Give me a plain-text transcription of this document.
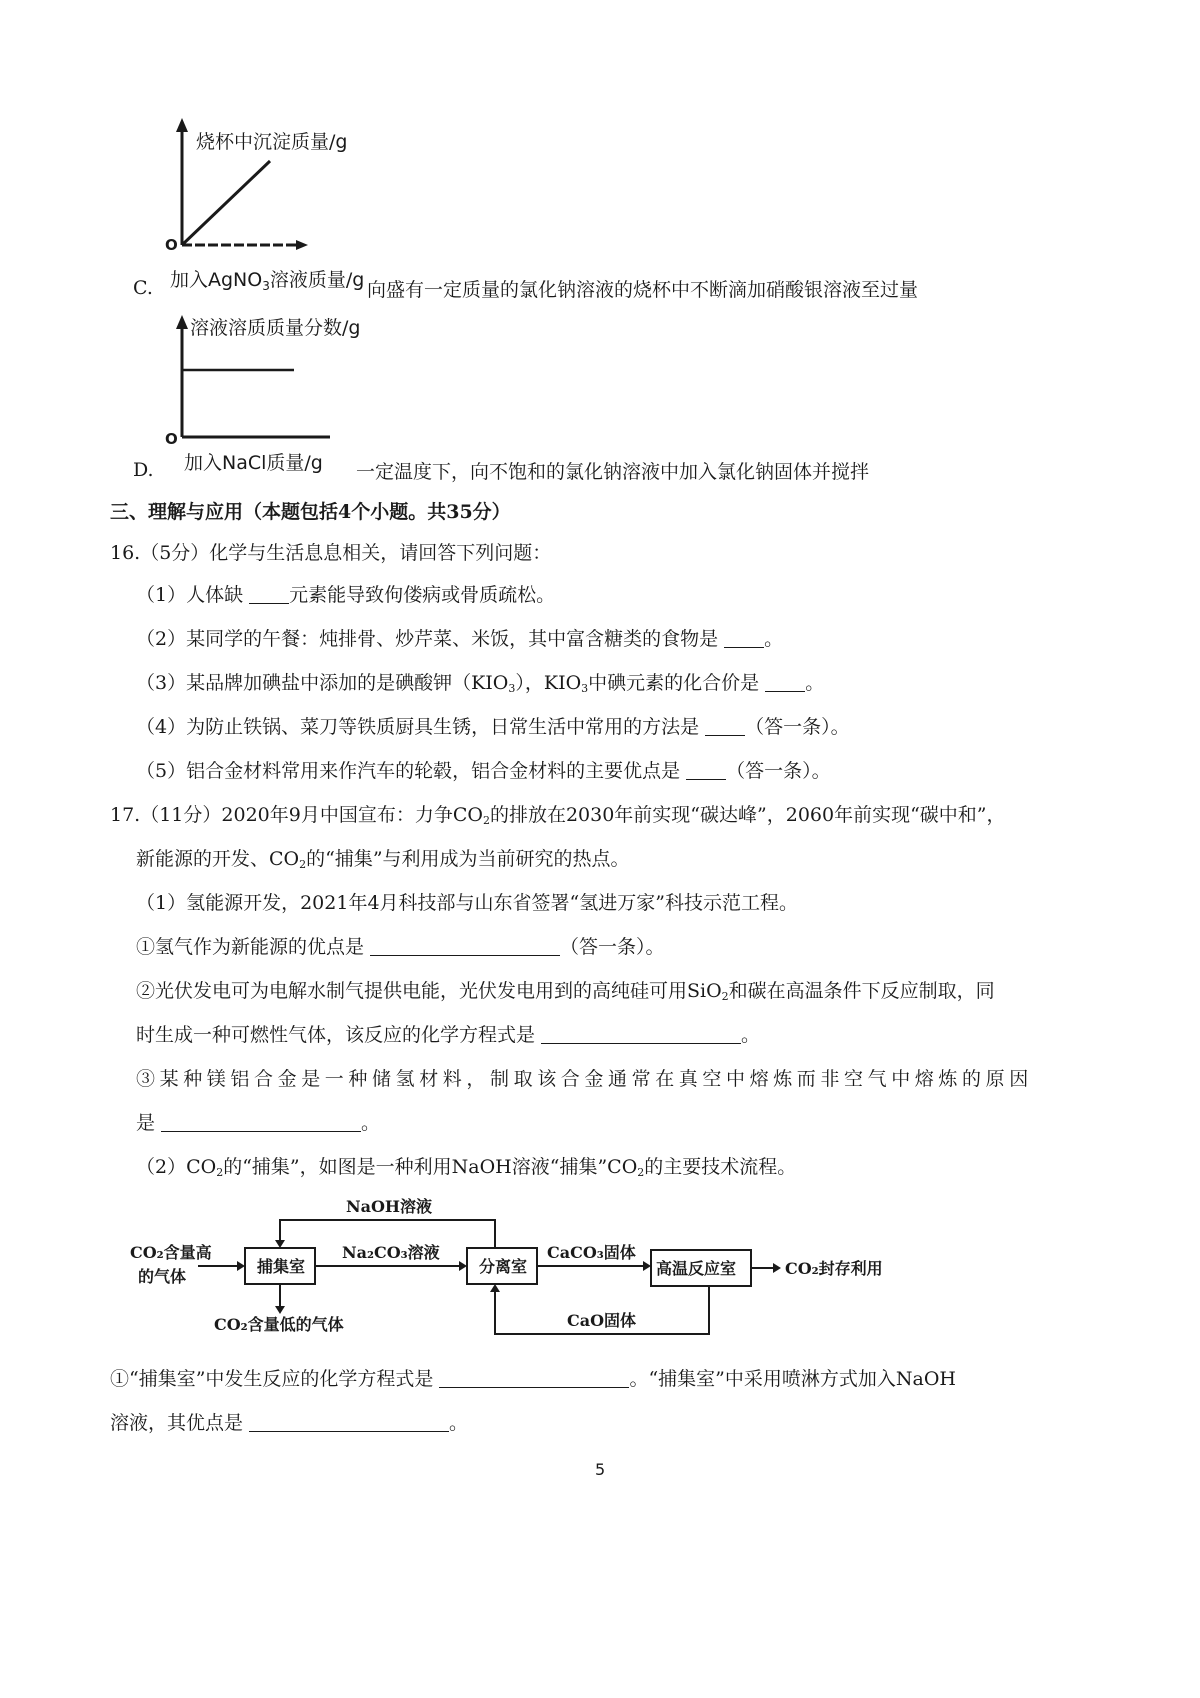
烧杯中沉淀质量/g
O
加入AgNO$_3$溶液质量/g
溶液溶质质量分数/g
O
加入NaCl质量/g
C.	向盛有一定质量的氯化钠溶液的烧杯中不断滴加硝酸银溶液至过量
D.	一定温度下，向不饱和的氯化钠溶液中加入氯化钠固体并搅拌
三、理解与应用（本题包括4个小题。共35分）
16.（5分）化学与生活息息相关，请回答下列问题：
（1）人体缺 元素能导致佝偻病或骨质疏松。
（2）某同学的午餐：炖排骨、炒芹菜、米饭，其中富含糖类的食物是 。
（3）某品牌加碘盐中添加的是碘酸钾$(KIO_3)$，$KIO_3$中碘元素的化合价是 。
（4）为防止铁锅、菜刀等铁质厨具生锈，日常生活中常用的方法是 （答一条）。
（5）铝合金材料常用来作汽车的轮毂，铝合金材料的主要优点是 （答一条）。
17.（11分）2020年9月中国宣布：力争$CO_2$的排放在2030年前实现“碳达峰”，2060年前实现“碳中和”，
新能源的开发、$CO_2$的“捕集”与利用成为当前研究的热点。
（1）氢能源开发，2021年4月科技部与山东省签署“氢进万家”科技示范工程。
①氢气作为新能源的优点是	（答一条）。
②光伏发电可为电解水制气提供电能，光伏发电用到的高纯硅可用SiO$_2$和碳在高温条件下反应制取，同
时生成一种可燃性气体，该反应的化学方程式是	。
③某种镁铝合金是一种储氢材料，制取该合金通常在真空中熔炼而非空气中熔炼的原因
是	。
$(2)CO_2$的“捕集”，如图是一种利用NaOH溶液“捕集$”CO_2$的主要技术流程。
CO₂含量高
的气体
捕集室
NaOH溶液
Na₂CO₃溶液
分离室
CaCO₃固体
高温反应室	CO₂封存利用
CO₂含量低的气体	CaO固体
①“捕集室”中发生反应的化学方程式是	。“捕集室”中采用喷淋方式加入NaOH
溶液，其优点是	。
5
